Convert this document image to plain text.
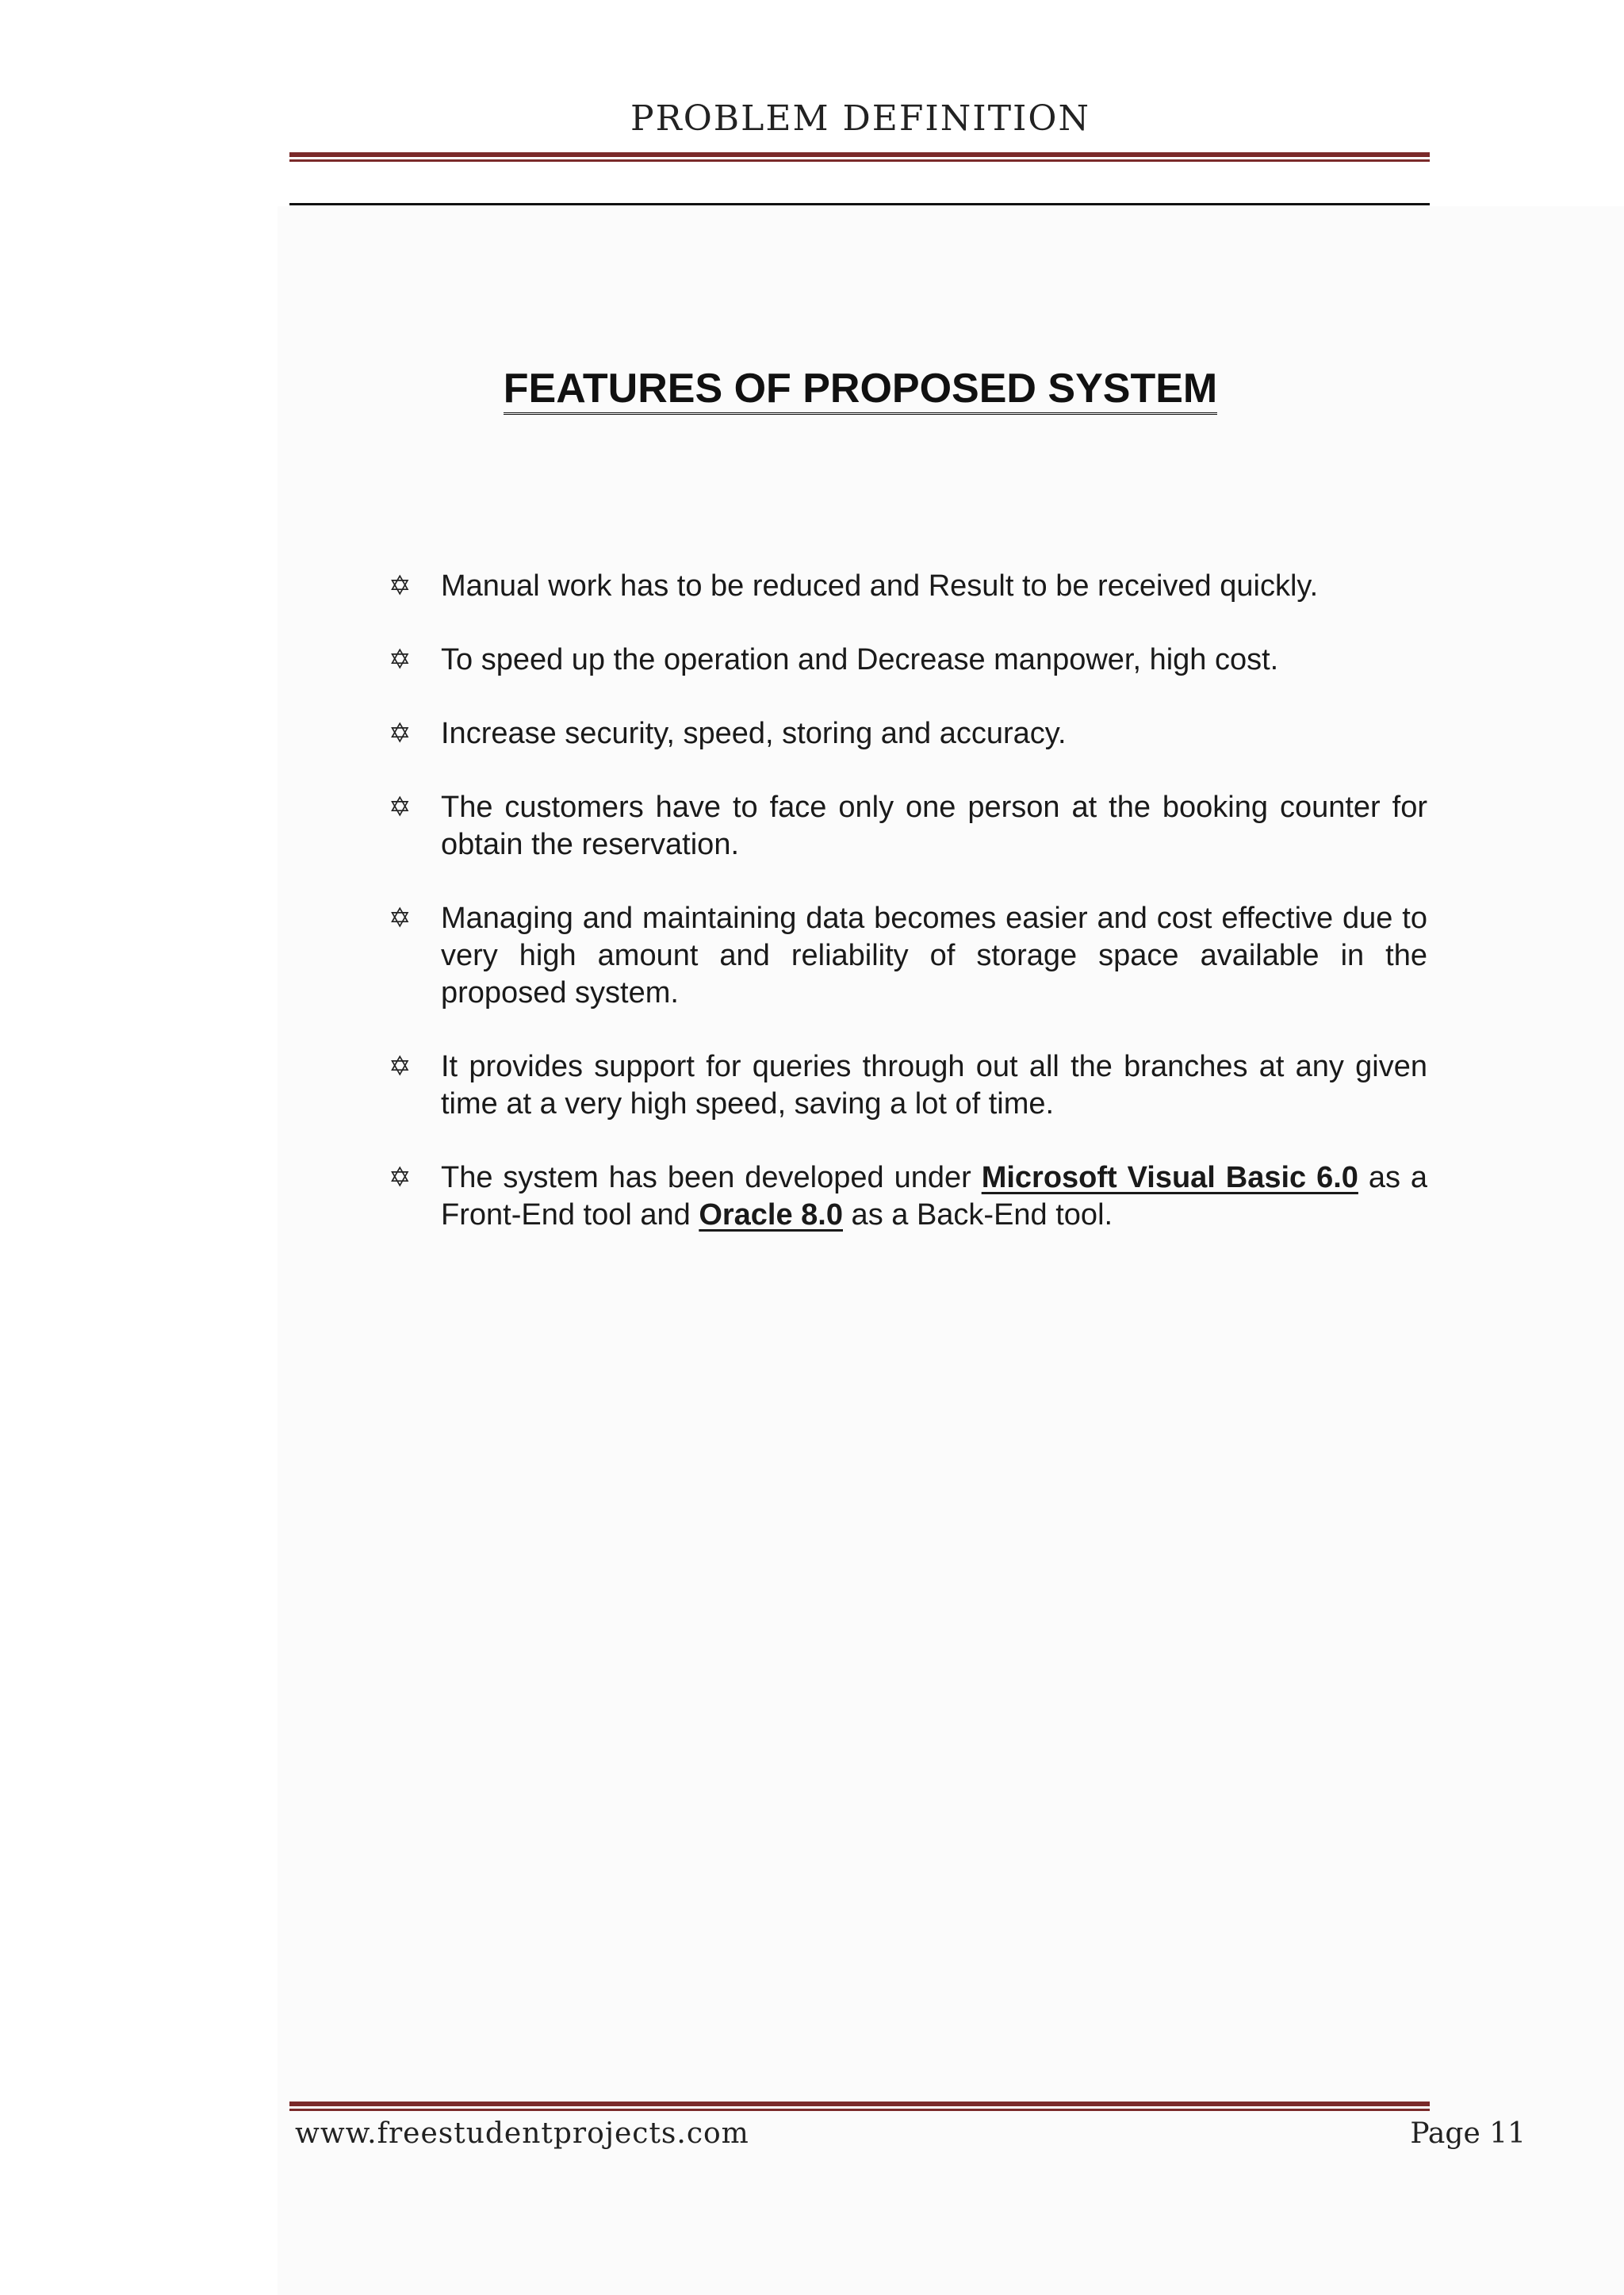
PROBLEM DEFINITION
FEATURES OF PROPOSED SYSTEM
✡ Manual work has to be reduced and Result to be received quickly.
✡ To speed up the operation and Decrease manpower, high cost.
✡ Increase security, speed, storing and accuracy.
✡ The customers have to face only one person at the booking counter for obtain the reservation.
✡ Managing and maintaining data becomes easier and cost effective due to very high amount and reliability of storage space available in the proposed system.
✡ It provides support for queries through out all the branches at any given time at a very high speed, saving a lot of time.
✡ The system has been developed under Microsoft Visual Basic 6.0 as a Front-End tool and Oracle 8.0 as a Back-End tool.
www.freestudentprojects.com	Page 11
